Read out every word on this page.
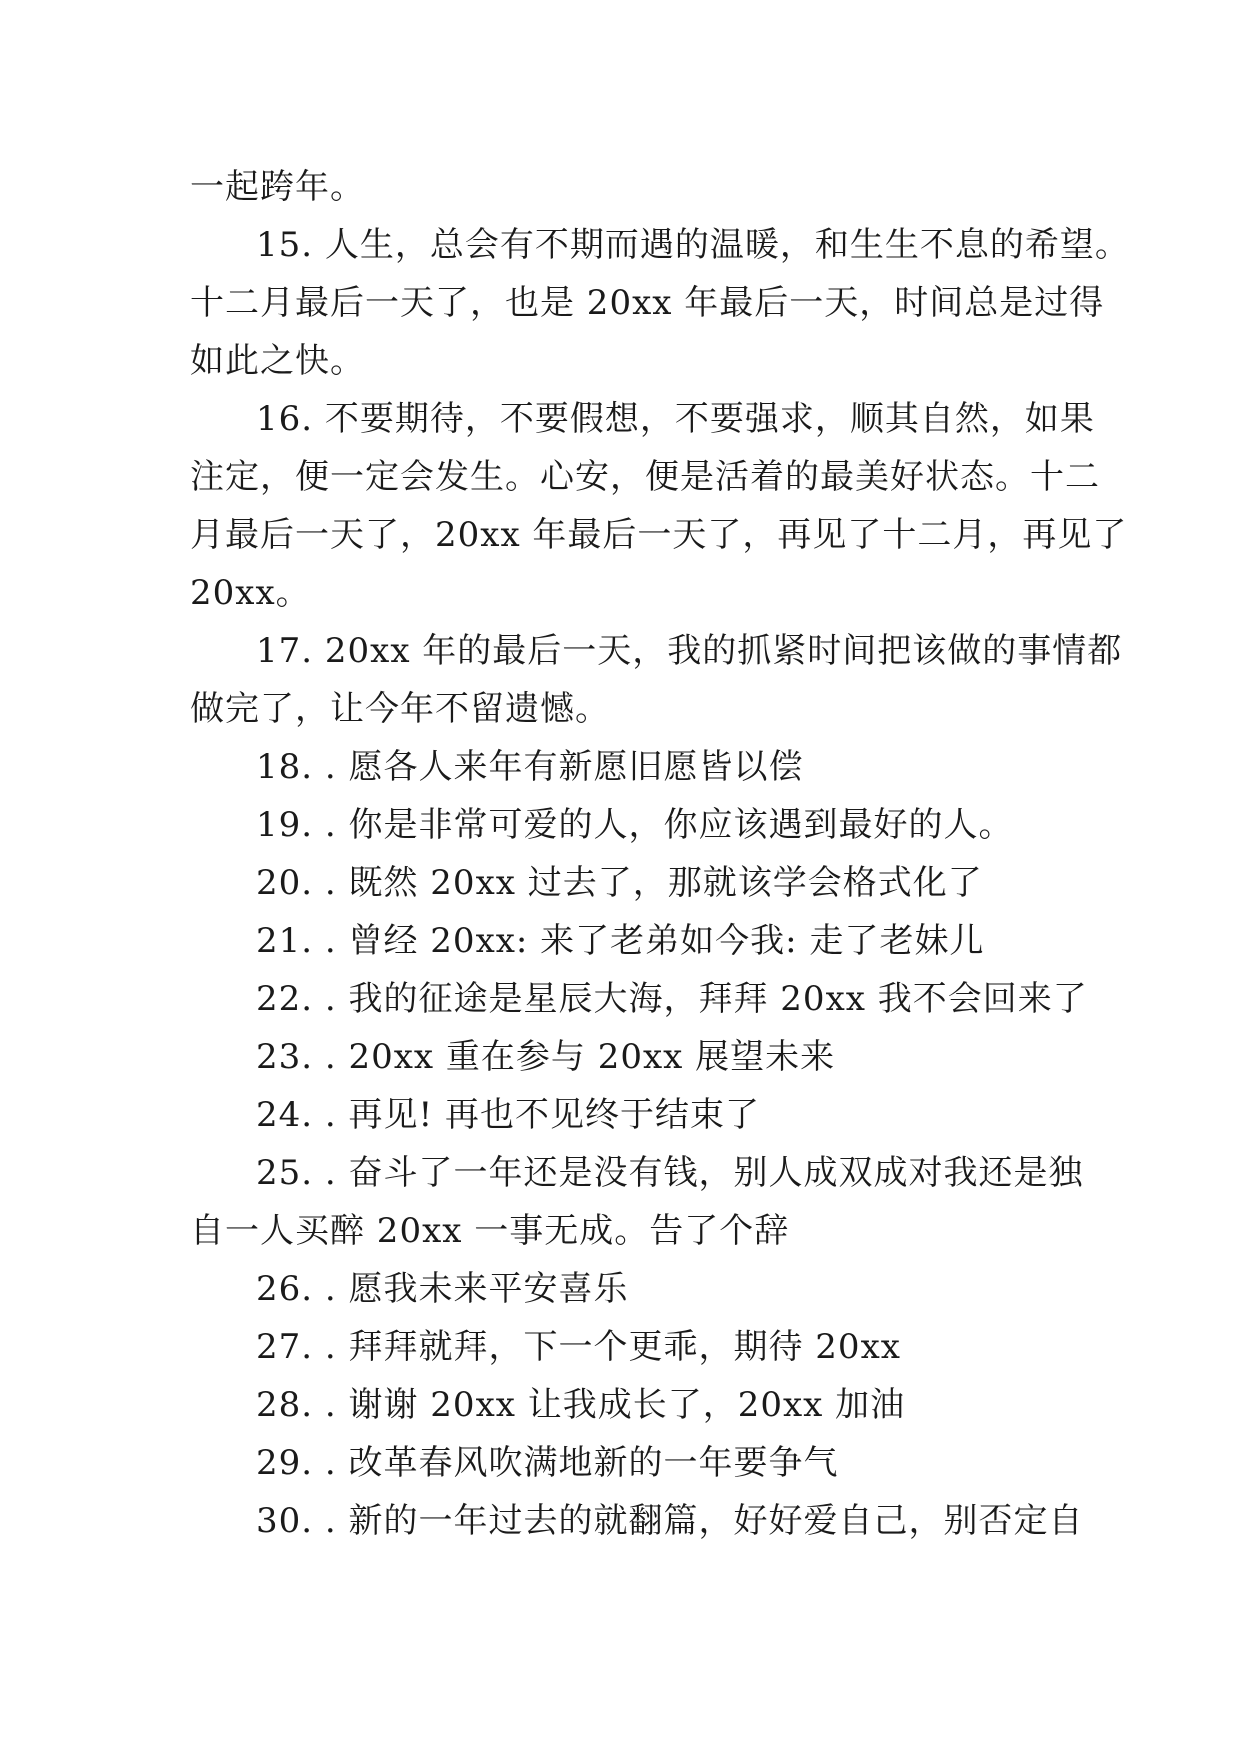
一起跨年。
15. 人生，总会有不期而遇的温暖，和生生不息的希望。
十二月最后一天了，也是 20xx 年最后一天，时间总是过得
如此之快。
16. 不要期待，不要假想，不要强求，顺其自然，如果
注定，便一定会发生。心安，便是活着的最美好状态。十二
月最后一天了，20xx 年最后一天了，再见了十二月，再见了
20xx。
17. 20xx 年的最后一天，我的抓紧时间把该做的事情都
做完了，让今年不留遗憾。
18. . 愿各人来年有新愿旧愿皆以偿
19. . 你是非常可爱的人，你应该遇到最好的人。
20. . 既然 20xx 过去了，那就该学会格式化了
21. . 曾经 20xx: 来了老弟如今我: 走了老妹儿
22. . 我的征途是星辰大海，拜拜 20xx 我不会回来了
23. . 20xx 重在参与 20xx 展望未来
24. . 再见! 再也不见终于结束了
25. . 奋斗了一年还是没有钱，别人成双成对我还是独
自一人买醉 20xx 一事无成。告了个辞
26. . 愿我未来平安喜乐
27. . 拜拜就拜，下一个更乖，期待 20xx
28. . 谢谢 20xx 让我成长了，20xx 加油
29. . 改革春风吹满地新的一年要争气
30. . 新的一年过去的就翻篇，好好爱自己，别否定自
